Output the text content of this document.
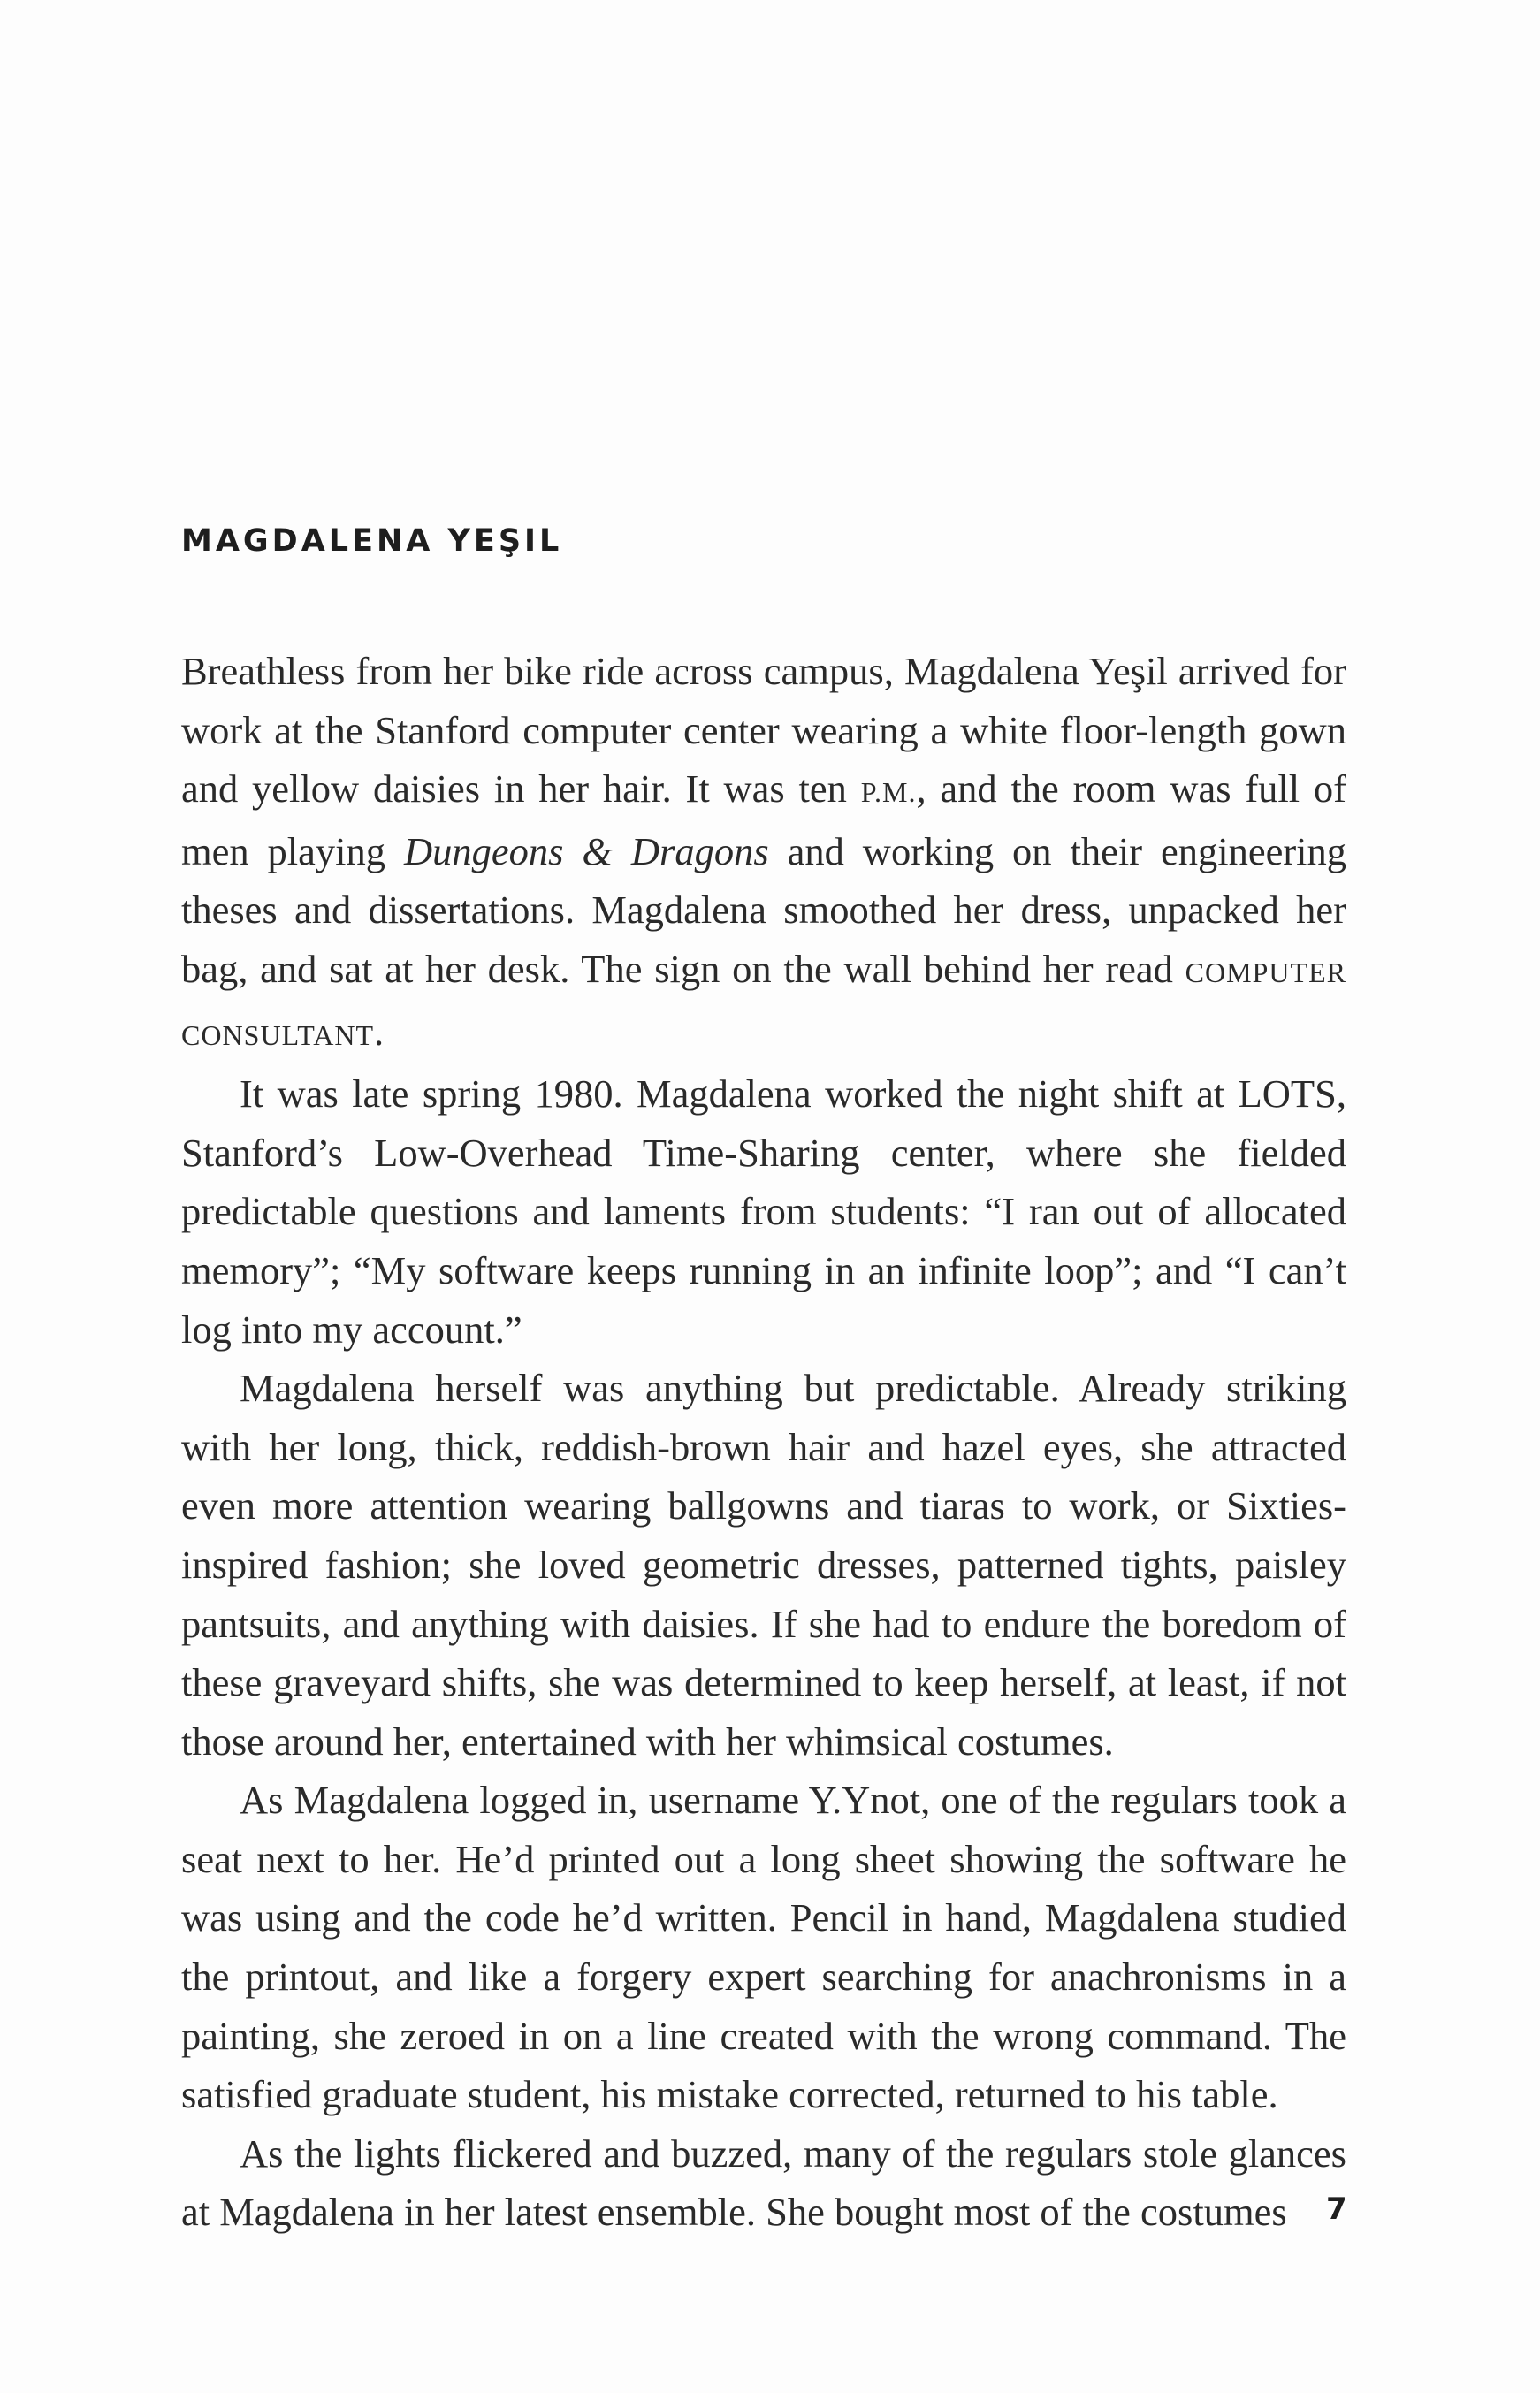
MAGDALENA YEŞIL

Breathless from her bike ride across campus, Magdalena Yeşil arrived for work at the Stanford computer center wearing a white floor-length gown and yellow daisies in her hair. It was ten P.M., and the room was full of men playing Dungeons & Dragons and working on their engineering theses and dissertations. Magdalena smoothed her dress, unpacked her bag, and sat at her desk. The sign on the wall behind her read COMPUTER CONSULTANT.

It was late spring 1980. Magdalena worked the night shift at LOTS, Stanford’s Low-Overhead Time-Sharing center, where she fielded predictable questions and laments from students: “I ran out of allocated memory”; “My software keeps running in an infinite loop”; and “I can’t log into my account.”

Magdalena herself was anything but predictable. Already striking with her long, thick, reddish-brown hair and hazel eyes, she attracted even more attention wearing ballgowns and tiaras to work, or Sixties-inspired fashion; she loved geometric dresses, patterned tights, paisley pantsuits, and anything with daisies. If she had to endure the boredom of these graveyard shifts, she was determined to keep herself, at least, if not those around her, entertained with her whimsical costumes.

As Magdalena logged in, username Y.Ynot, one of the regulars took a seat next to her. He’d printed out a long sheet showing the software he was using and the code he’d written. Pencil in hand, Magdalena studied the printout, and like a forgery expert searching for anachronisms in a painting, she zeroed in on a line created with the wrong command. The satisfied graduate student, his mistake corrected, returned to his table.

As the lights flickered and buzzed, many of the regulars stole glances at Magdalena in her latest ensemble. She bought most of the costumes	7
